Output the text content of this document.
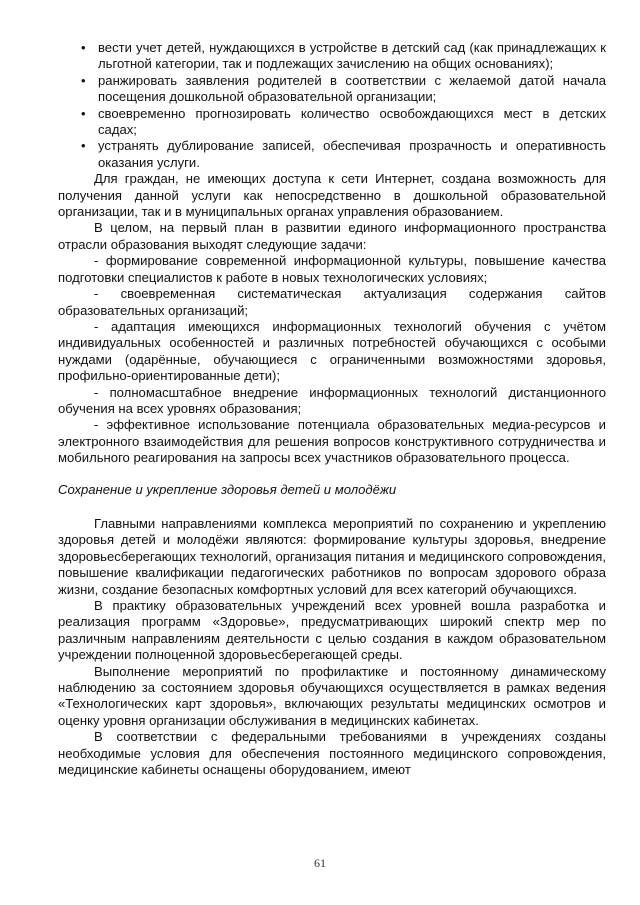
• вести учет детей, нуждающихся в устройстве в детский сад (как принадлежащих к льготной категории, так и подлежащих зачислению на общих основаниях);
• ранжировать заявления родителей в соответствии с желаемой датой начала посещения дошкольной образовательной организации;
• своевременно прогнозировать количество освобождающихся мест в детских садах;
• устранять дублирование записей, обеспечивая прозрачность и оперативность оказания услуги.

Для граждан, не имеющих доступа к сети Интернет, создана возможность для получения данной услуги как непосредственно в дошкольной образовательной организации, так и в муниципальных органах управления образованием.

В целом, на первый план в развитии единого информационного пространства отрасли образования выходят следующие задачи:

- формирование современной информационной культуры, повышение качества подготовки специалистов к работе в новых технологических условиях;

- своевременная систематическая актуализация содержания сайтов образовательных организаций;

- адаптация имеющихся информационных технологий обучения с учётом индивидуальных особенностей и различных потребностей обучающихся с особыми нуждами (одарённые, обучающиеся с ограниченными возможностями здоровья, профильно-ориентированные дети);

- полномасштабное внедрение информационных технологий дистанционного обучения на всех уровнях образования;

- эффективное использование потенциала образовательных медиа-ресурсов и электронного взаимодействия для решения вопросов конструктивного сотрудничества и мобильного реагирования на запросы всех участников образовательного процесса.

Сохранение и укрепление здоровья детей и молодёжи

Главными направлениями комплекса мероприятий по сохранению и укреплению здоровья детей и молодёжи являются: формирование культуры здоровья, внедрение здоровьесберегающих технологий, организация питания и медицинского сопровождения, повышение квалификации педагогических работников по вопросам здорового образа жизни, создание безопасных комфортных условий для всех категорий обучающихся.

В практику образовательных учреждений всех уровней вошла разработка и реализация программ «Здоровье», предусматривающих широкий спектр мер по различным направлениям деятельности с целью создания в каждом образовательном учреждении полноценной здоровьесберегающей среды.

Выполнение мероприятий по профилактике и постоянному динамическому наблюдению за состоянием здоровья обучающихся осуществляется в рамках ведения «Технологических карт здоровья», включающих результаты медицинских осмотров и оценку уровня организации обслуживания в медицинских кабинетах.

В соответствии с федеральными требованиями в учреждениях созданы необходимые условия для обеспечения постоянного медицинского сопровождения, медицинские кабинеты оснащены оборудованием, имеют

61
